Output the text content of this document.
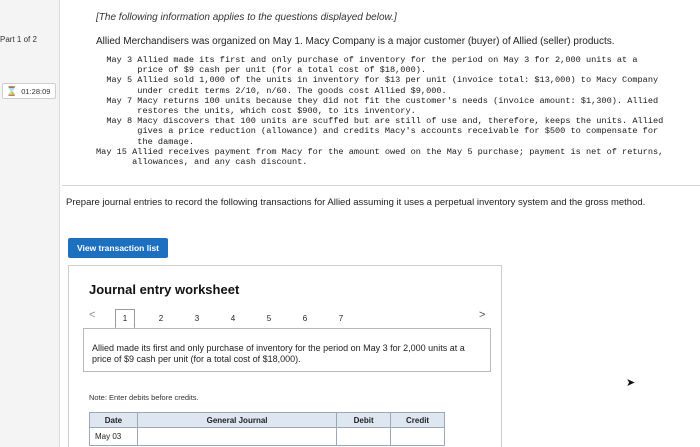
Part 1 of 2
⌛ 01:28:09
[The following information applies to the questions displayed below.]
Allied Merchandisers was organized on May 1. Macy Company is a major customer (buyer) of Allied (seller) products.
May 3
Allied made its first and only purchase of inventory for the period on May 3 for 2,000 units at a price of $9 cash per unit (for a total cost of $18,000).
May 5
Allied sold 1,000 of the units in inventory for $13 per unit (invoice total: $13,000) to Macy Company under credit terms 2/10, n/60. The goods cost Allied $9,000.
May 7
Macy returns 100 units because they did not fit the customer's needs (invoice amount: $1,300). Allied restores the units, which cost $900, to its inventory.
May 8
Macy discovers that 100 units are scuffed but are still of use and, therefore, keeps the units. Allied gives a price reduction (allowance) and credits Macy's accounts receivable for $500 to compensate for the damage.
May 15
Allied receives payment from Macy for the amount owed on the May 5 purchase; payment is net of returns, allowances, and any cash discount.
Prepare journal entries to record the following transactions for Allied assuming it uses a perpetual inventory system and the gross method.
View transaction list
Journal entry worksheet
<	1	2	3	4	5	6	7	>
Allied made its first and only purchase of inventory for the period on May 3 for 2,000 units at a price of $9 cash per unit (for a total cost of $18,000).
Note: Enter debits before credits.
Date	General Journal	Debit	Credit
May 03			
➤
